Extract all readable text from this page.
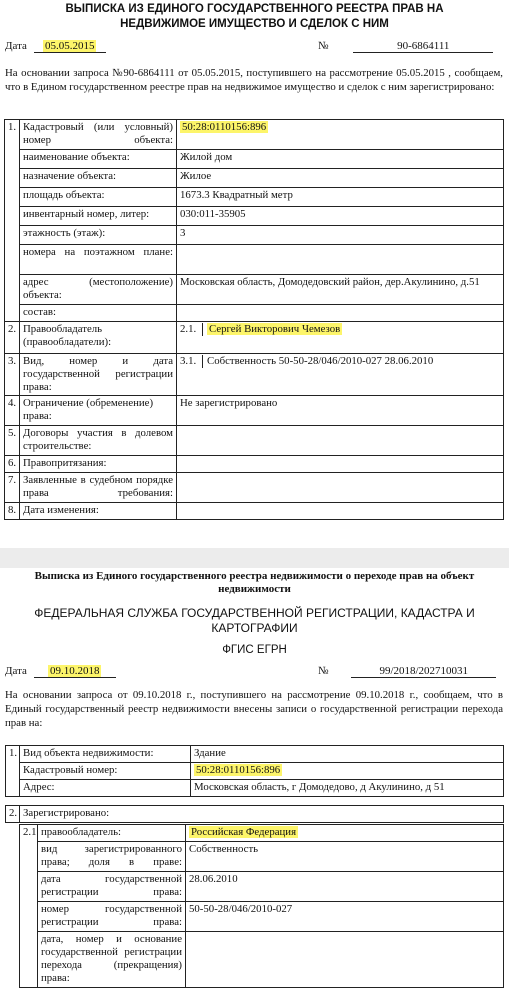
ВЫПИСКА ИЗ ЕДИНОГО ГОСУДАРСТВЕННОГО РЕЕСТРА ПРАВ НА
НЕДВИЖИМОЕ ИМУЩЕСТВО И СДЕЛОК С НИМ
Дата 05.05.2015	№	90-6864111
На основании запроса №90-6864111 от 05.05.2015, поступившего на рассмотрение 05.05.2015 , сообщаем, что в Едином государственном реестре прав на недвижимое имущество и сделок с ним зарегистрировано:
1.	Кадастровый (или условный) номер объекта:	50:28:0110156:896
	наименование объекта:	Жилой дом
	назначение объекта:	Жилое
	площадь объекта:	1673.3 Квадратный метр
	инвентарный номер, литер:	030:011-35905
	этажность (этаж):	3
	номера на поэтажном плане:	
	адрес (местоположение) объекта:	Московская область, Домодедовский район, дер.Акулинино, д.51
	состав:	
2.	Правообладатель (правообладатели):	2.1. Сергей Викторович Чемезов
3.	Вид, номер и дата государственной регистрации права:	3.1. Собственность 50-50-28/046/2010-027 28.06.2010
4.	Ограничение (обременение) права:	Не зарегистрировано
5.	Договоры участия в долевом строительстве:	
6.	Правопритязания:	
7.	Заявленные в судебном порядке права требования:	
8.	Дата изменения:	
Выписка из Единого государственного реестра недвижимости о переходе прав на объект недвижимости
ФЕДЕРАЛЬНАЯ СЛУЖБА ГОСУДАРСТВЕННОЙ РЕГИСТРАЦИИ, КАДАСТРА И КАРТОГРАФИИ
ФГИС ЕГРН
Дата 09.10.2018	№	99/2018/202710031
На основании запроса от 09.10.2018 г., поступившего на рассмотрение 09.10.2018 г., сообщаем, что в Единый государственный реестр недвижимости внесены записи о государственной регистрации перехода прав на:
1.	Вид объекта недвижимости:	Здание
	Кадастровый номер:	50:28:0110156:896
	Адрес:	Московская область, г Домодедово, д Акулинино, д 51
2.	Зарегистрировано:
2.1	правообладатель:	Российская Федерация
	вид зарегистрированного права; доля в праве:	Собственность
	дата государственной регистрации права:	28.06.2010
	номер государственной регистрации права:	50-50-28/046/2010-027
	дата, номер и основание государственной регистрации перехода (прекращения) права:	
